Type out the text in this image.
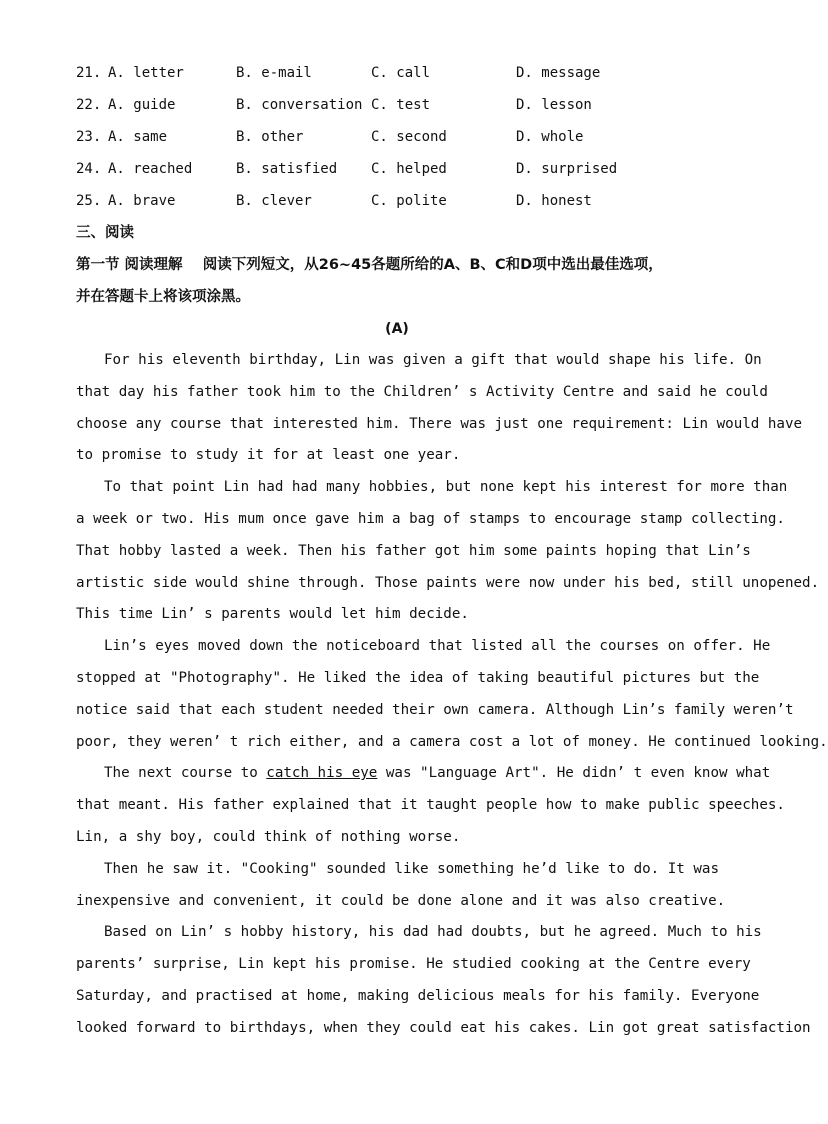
21. A. letter	B. e-mail	C. call	D. message
22. A. guide	B. conversation C. test	D. lesson
23. A. same	B. other	C. second	D. whole
24. A. reached	B. satisfied C. helped	D. surprised
25. A. brave	B. clever	C. polite	D. honest
三、阅读
第一节 阅读理解    阅读下列短文，从26~45各题所给的A、B、C和D项中选出最佳选项，
并在答题卡上将该项涂黑。
(A)
For his eleventh birthday, Lin was given a gift that would shape his life. On
that day his father took him to the Children’ s Activity Centre and said he could
choose any course that interested him. There was just one requirement: Lin would have
to promise to study it for at least one year.
To that point Lin had had many hobbies, but none kept his interest for more than
a week or two. His mum once gave him a bag of stamps to encourage stamp collecting.
That hobby lasted a week. Then his father got him some paints hoping that Lin’s
artistic side would shine through. Those paints were now under his bed, still unopened.
This time Lin’ s parents would let him decide.
Lin’s eyes moved down the noticeboard that listed all the courses on offer. He
stopped at "Photography". He liked the idea of taking beautiful pictures but the
notice said that each student needed their own camera. Although Lin’s family weren’t
poor, they weren’ t rich either, and a camera cost a lot of money. He continued looking.
The next course to catch his eye was "Language Art". He didn’ t even know what
that meant. His father explained that it taught people how to make public speeches.
Lin, a shy boy, could think of nothing worse.
Then he saw it. "Cooking" sounded like something he’d like to do. It was
inexpensive and convenient, it could be done alone and it was also creative.
Based on Lin’ s hobby history, his dad had doubts, but he agreed. Much to his
parents’ surprise, Lin kept his promise. He studied cooking at the Centre every
Saturday, and practised at home, making delicious meals for his family. Everyone
looked forward to birthdays, when they could eat his cakes. Lin got great satisfaction
